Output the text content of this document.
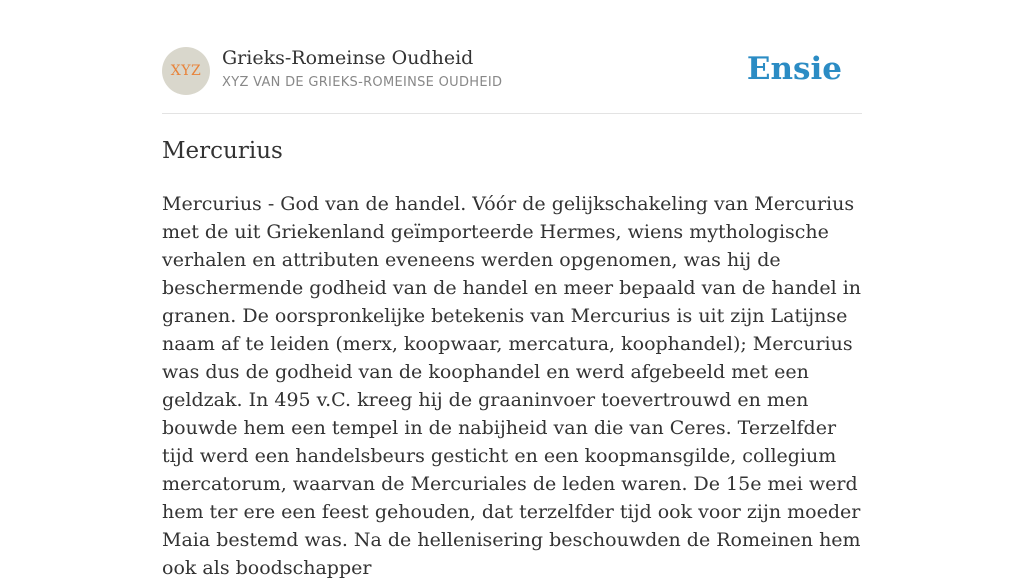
XYZ
Grieks-Romeinse Oudheid
XYZ VAN DE GRIEKS-ROMEINSE OUDHEID	Ensie
Mercurius

Mercurius - God van de handel. Vóór de gelijkschakeling van Mercurius met de uit Griekenland geïmporteerde Hermes, wiens mythologische verhalen en attributen eveneens werden opgenomen, was hij de beschermende godheid van de handel en meer bepaald van de handel in granen. De oorspronkelijke betekenis van Mercurius is uit zijn Latijnse naam af te leiden (merx, koopwaar, mercatura, koophandel); Mercurius was dus de godheid van de koophandel en werd afgebeeld met een geldzak. In 495 v.C. kreeg hij de graaninvoer toevertrouwd en men bouwde hem een tempel in de nabijheid van die van Ceres. Terzelfder tijd werd een handelsbeurs gesticht en een koopmansgilde, collegium mercatorum, waarvan de Mercuriales de leden waren. De 15e mei werd hem ter ere een feest gehouden, dat terzelfder tijd ook voor zijn moeder Maia bestemd was. Na de hellenisering beschouwden de Romeinen hem ook als boodschapper
